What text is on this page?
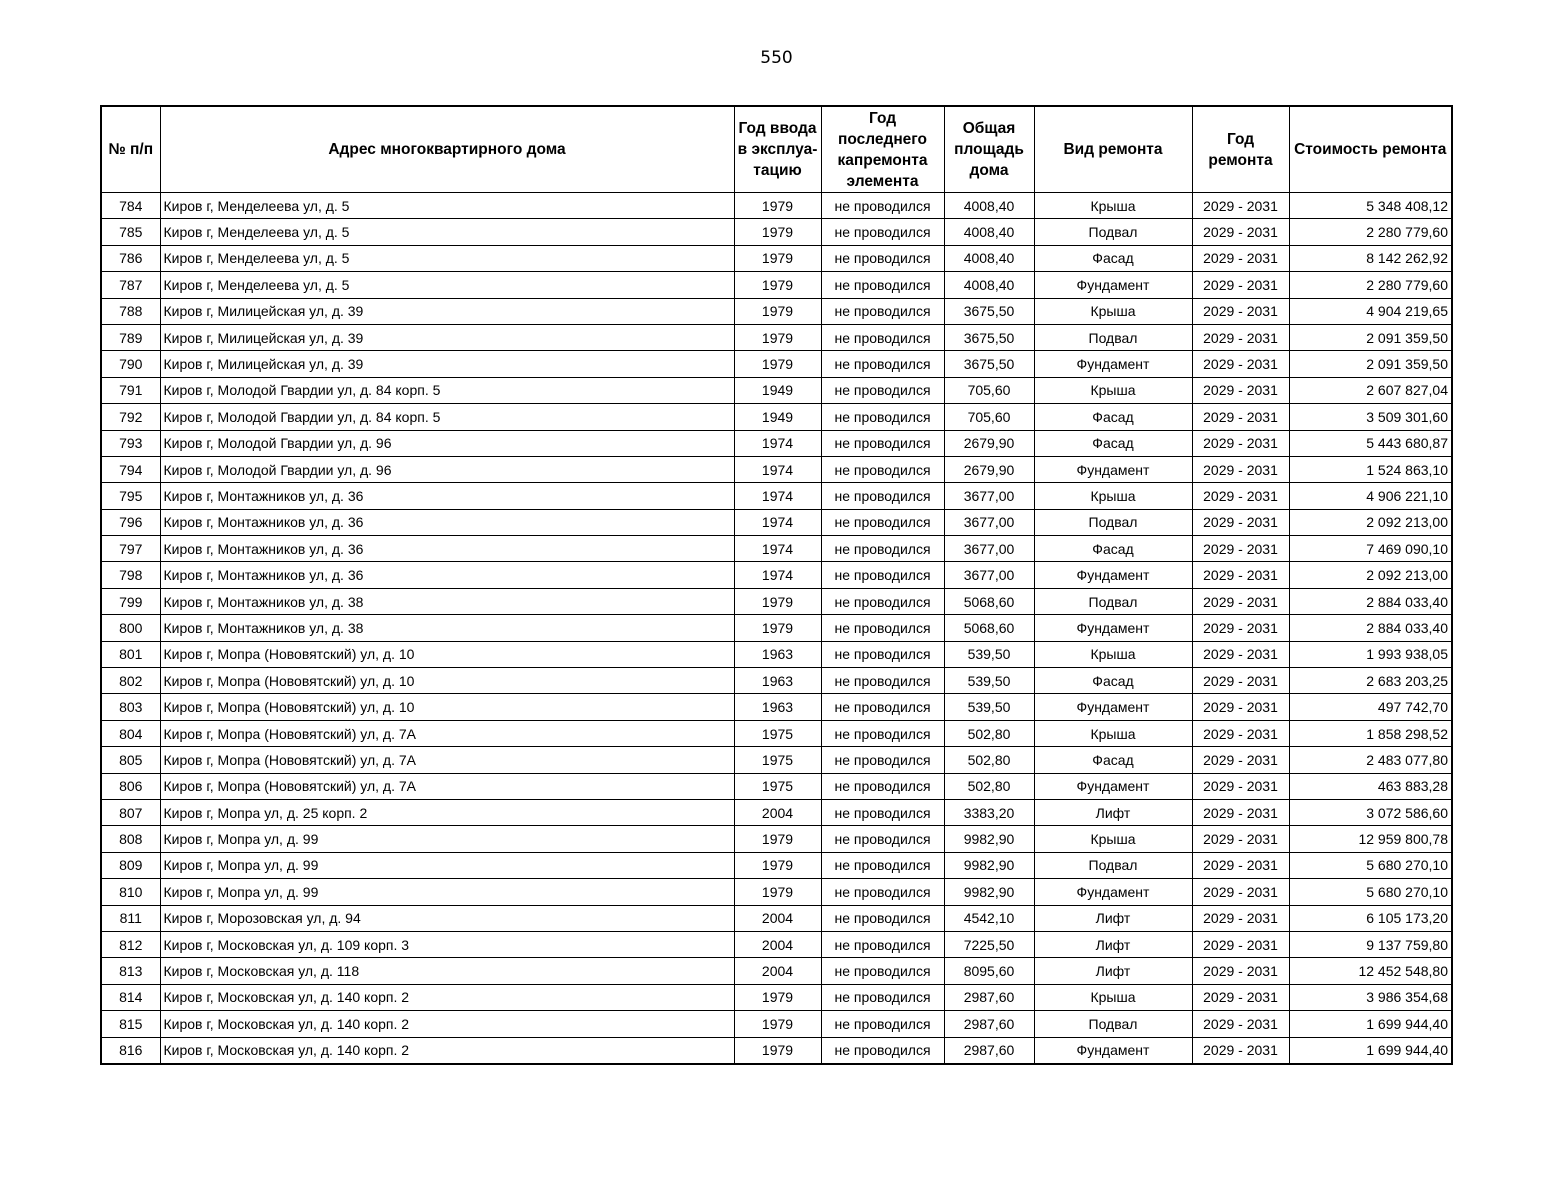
550
№ п/п	Адрес многоквартирного дома	Год ввода в эксплуа-тацию	Год последнего капремонта элемента	Общая площадь дома	Вид ремонта	Год ремонта	Стоимость ремонта
784	Киров г, Менделеева ул, д. 5	1979	не проводился	4008,40	Крыша	2029 - 2031	5 348 408,12
785	Киров г, Менделеева ул, д. 5	1979	не проводился	4008,40	Подвал	2029 - 2031	2 280 779,60
786	Киров г, Менделеева ул, д. 5	1979	не проводился	4008,40	Фасад	2029 - 2031	8 142 262,92
787	Киров г, Менделеева ул, д. 5	1979	не проводился	4008,40	Фундамент	2029 - 2031	2 280 779,60
788	Киров г, Милицейская ул, д. 39	1979	не проводился	3675,50	Крыша	2029 - 2031	4 904 219,65
789	Киров г, Милицейская ул, д. 39	1979	не проводился	3675,50	Подвал	2029 - 2031	2 091 359,50
790	Киров г, Милицейская ул, д. 39	1979	не проводился	3675,50	Фундамент	2029 - 2031	2 091 359,50
791	Киров г, Молодой Гвардии ул, д. 84 корп. 5	1949	не проводился	705,60	Крыша	2029 - 2031	2 607 827,04
792	Киров г, Молодой Гвардии ул, д. 84 корп. 5	1949	не проводился	705,60	Фасад	2029 - 2031	3 509 301,60
793	Киров г, Молодой Гвардии ул, д. 96	1974	не проводился	2679,90	Фасад	2029 - 2031	5 443 680,87
794	Киров г, Молодой Гвардии ул, д. 96	1974	не проводился	2679,90	Фундамент	2029 - 2031	1 524 863,10
795	Киров г, Монтажников ул, д. 36	1974	не проводился	3677,00	Крыша	2029 - 2031	4 906 221,10
796	Киров г, Монтажников ул, д. 36	1974	не проводился	3677,00	Подвал	2029 - 2031	2 092 213,00
797	Киров г, Монтажников ул, д. 36	1974	не проводился	3677,00	Фасад	2029 - 2031	7 469 090,10
798	Киров г, Монтажников ул, д. 36	1974	не проводился	3677,00	Фундамент	2029 - 2031	2 092 213,00
799	Киров г, Монтажников ул, д. 38	1979	не проводился	5068,60	Подвал	2029 - 2031	2 884 033,40
800	Киров г, Монтажников ул, д. 38	1979	не проводился	5068,60	Фундамент	2029 - 2031	2 884 033,40
801	Киров г, Мопра (Нововятский) ул, д. 10	1963	не проводился	539,50	Крыша	2029 - 2031	1 993 938,05
802	Киров г, Мопра (Нововятский) ул, д. 10	1963	не проводился	539,50	Фасад	2029 - 2031	2 683 203,25
803	Киров г, Мопра (Нововятский) ул, д. 10	1963	не проводился	539,50	Фундамент	2029 - 2031	497 742,70
804	Киров г, Мопра (Нововятский) ул, д. 7А	1975	не проводился	502,80	Крыша	2029 - 2031	1 858 298,52
805	Киров г, Мопра (Нововятский) ул, д. 7А	1975	не проводился	502,80	Фасад	2029 - 2031	2 483 077,80
806	Киров г, Мопра (Нововятский) ул, д. 7А	1975	не проводился	502,80	Фундамент	2029 - 2031	463 883,28
807	Киров г, Мопра ул, д. 25 корп. 2	2004	не проводился	3383,20	Лифт	2029 - 2031	3 072 586,60
808	Киров г, Мопра ул, д. 99	1979	не проводился	9982,90	Крыша	2029 - 2031	12 959 800,78
809	Киров г, Мопра ул, д. 99	1979	не проводился	9982,90	Подвал	2029 - 2031	5 680 270,10
810	Киров г, Мопра ул, д. 99	1979	не проводился	9982,90	Фундамент	2029 - 2031	5 680 270,10
811	Киров г, Морозовская ул, д. 94	2004	не проводился	4542,10	Лифт	2029 - 2031	6 105 173,20
812	Киров г, Московская ул, д. 109 корп. 3	2004	не проводился	7225,50	Лифт	2029 - 2031	9 137 759,80
813	Киров г, Московская ул, д. 118	2004	не проводился	8095,60	Лифт	2029 - 2031	12 452 548,80
814	Киров г, Московская ул, д. 140 корп. 2	1979	не проводился	2987,60	Крыша	2029 - 2031	3 986 354,68
815	Киров г, Московская ул, д. 140 корп. 2	1979	не проводился	2987,60	Подвал	2029 - 2031	1 699 944,40
816	Киров г, Московская ул, д. 140 корп. 2	1979	не проводился	2987,60	Фундамент	2029 - 2031	1 699 944,40
